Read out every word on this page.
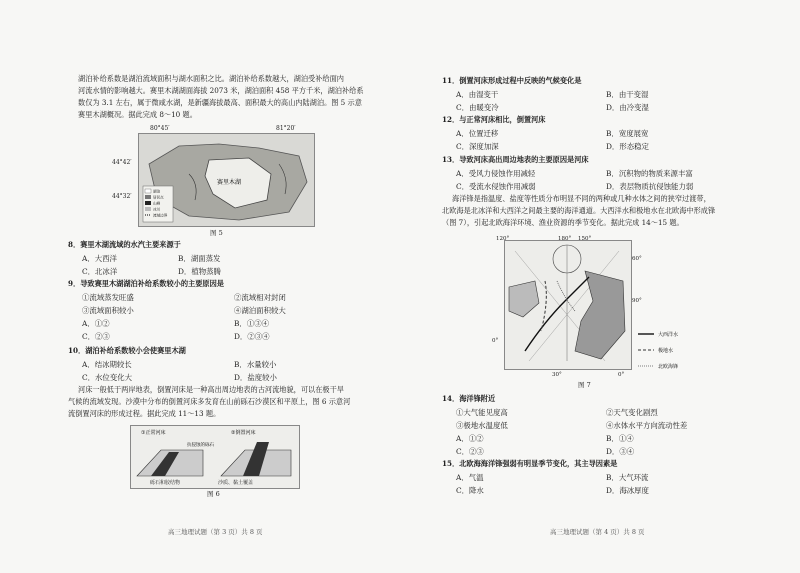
湖泊补给系数是湖泊流域面积与湖水面积之比。湖泊补给系数越大，湖泊受补给面内
河流水情的影响越大。赛里木湖湖面海拔 2073 米，湖泊面积 458 平方千米，湖泊补给系
数仅为 3.1 左右，属于微咸水湖，是新疆海拔最高、面积最大的高山内陆湖泊。图 5 示意
赛里木湖概况。据此完成 8～10 题。
赛里木湖
湖泊
居民点
山峰
冰川
流域边界
80°45′	81°20′
44°42′
44°32′
图 5
8．赛里木湖流域的水汽主要来源于
A．大西洋	B．湖面蒸发
C．北冰洋	D．植物蒸腾
9．导致赛里木湖湖泊补给系数较小的主要原因是
①流域蒸发旺盛	②流域相对封闭
③流域面积较小	④湖泊面积较大
A．①②	B．①③④
C．②③	D．②③④
10．湖泊补给系数较小会使赛里木湖
A．结冰期较长	B．水量较小
C．水位变化大	D．盐度较小
河床一般低于两岸地表，倒置河床是一种高出周边地表的古河流地貌，可以在极干旱
气候的流域发现。沙漠中分布的倒置河床多发育在山前砾石沙漠区和平原上，图 6 示意河
流倒置河床的形成过程。据此完成 11～13 题。
①正常河床	②倒置河床
抗侵蚀的砾石
砾石和胶结物	沙质、黏土覆盖
图 6
高三地理试题（第 3 页）共 8 页
11．倒置河床形成过程中反映的气候变化是
A．由湿变干	B．由干变湿
C．由暖变冷	D．由冷变湿
12．与正常河床相比，倒置河床
A．位置迁移	B．宽度展宽
C．深度加深	D．形态稳定
13．导致河床高出周边地表的主要原因是河床
A．受风力侵蚀作用减轻	B．沉积物的物质来源丰富
C．受流水侵蚀作用减弱	D．表层物质抗侵蚀能力弱
海洋锋是指温度、盐度等性质分布明显不同的两种或几种水体之间的狭窄过渡带，
北欧海是北冰洋和大西洋之间最主要的海洋通道。大西洋水和极地水在北欧海中形成锋
（图 7），引起北欧海洋环境、渔业资源的季节变化。据此完成 14～15 题。
120°	180° 150°
60°
90°
0°
30°	0°
大西洋水
极地水
北欧海锋
图 7
14．海洋锋附近
①大气能见度高	②天气变化剧烈
③极地水温度低	④水体水平方向流动性差
A．①②	B．①④
C．②③	D．③④
15．北欧海海洋锋强弱有明显季节变化，其主导因素是
A．气温	B．大气环流
C．降水	D．海冰厚度
高三地理试题（第 4 页）共 8 页
